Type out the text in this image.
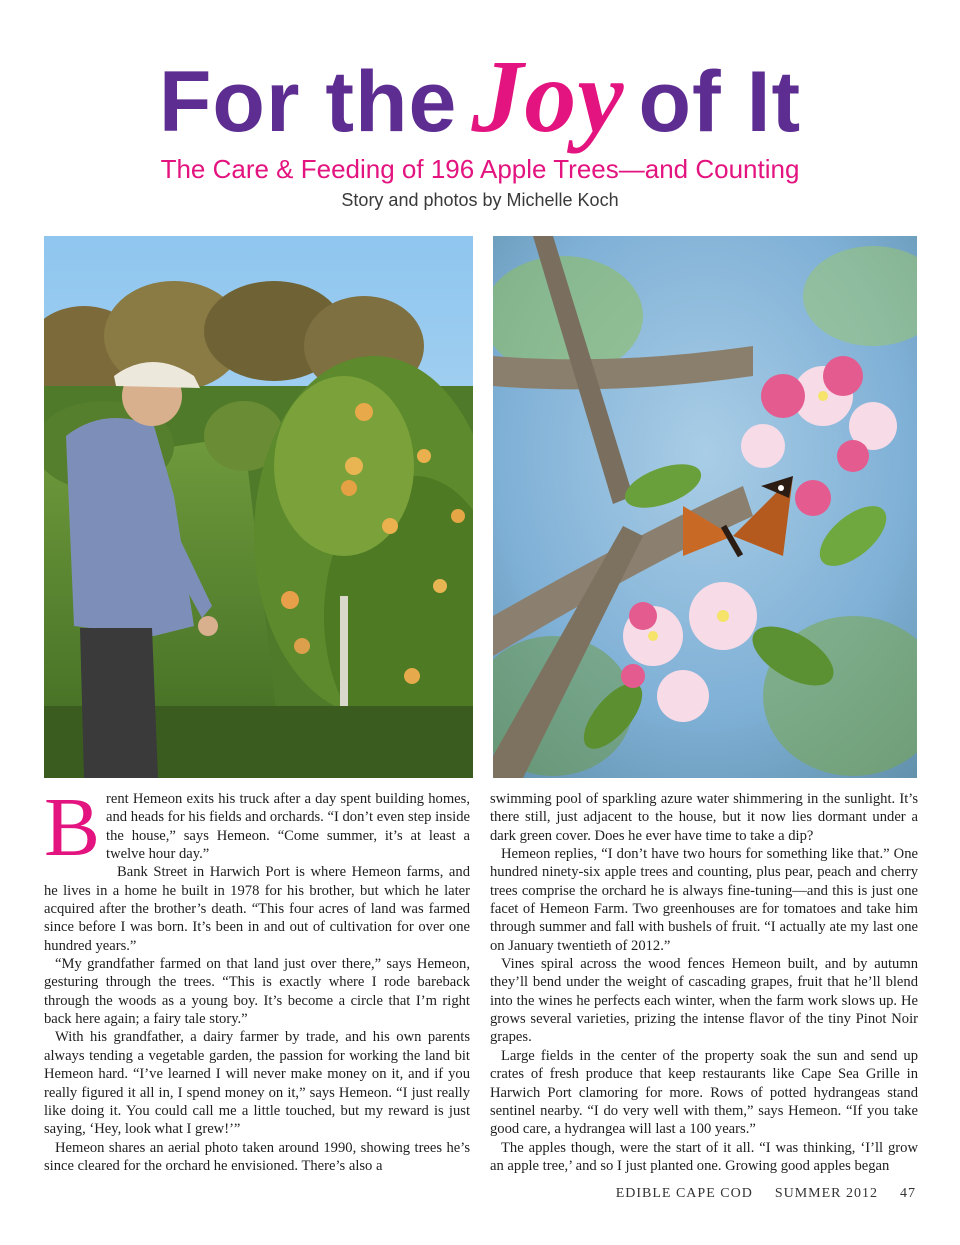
For the Joy of It
The Care & Feeding of 196 Apple Trees—and Counting
Story and photos by Michelle Koch

Brent Hemeon exits his truck after a day spent building homes, and heads for his fields and orchards. “I don’t even step inside the house,” says Hemeon. “Come summer, it’s at least a twelve hour day.”

Bank Street in Harwich Port is where Hemeon farms, and he lives in a home he built in 1978 for his brother, but which he later acquired after the brother’s death. “This four acres of land was farmed since before I was born. It’s been in and out of cultivation for over one hundred years.”

“My grandfather farmed on that land just over there,” says Hemeon, gesturing through the trees. “This is exactly where I rode bareback through the woods as a young boy. It’s become a circle that I’m right back here again; a fairy tale story.”

With his grandfather, a dairy farmer by trade, and his own parents always tending a vegetable garden, the passion for working the land bit Hemeon hard. “I’ve learned I will never make money on it, and if you really figured it all in, I spend money on it,” says Hemeon. “I just really like doing it. You could call me a little touched, but my reward is just saying, ‘Hey, look what I grew!’”

Hemeon shares an aerial photo taken around 1990, showing trees he’s since cleared for the orchard he envisioned. There’s also a

swimming pool of sparkling azure water shimmering in the sunlight. It’s there still, just adjacent to the house, but it now lies dormant under a dark green cover. Does he ever have time to take a dip?

Hemeon replies, “I don’t have two hours for something like that.” One hundred ninety-six apple trees and counting, plus pear, peach and cherry trees comprise the orchard he is always fine-tuning—and this is just one facet of Hemeon Farm. Two greenhouses are for tomatoes and take him through summer and fall with bushels of fruit. “I actually ate my last one on January twentieth of 2012.”

Vines spiral across the wood fences Hemeon built, and by autumn they’ll bend under the weight of cascading grapes, fruit that he’ll blend into the wines he perfects each winter, when the farm work slows up. He grows several varieties, prizing the intense flavor of the tiny Pinot Noir grapes.

Large fields in the center of the property soak the sun and send up crates of fresh produce that keep restaurants like Cape Sea Grille in Harwich Port clamoring for more. Rows of potted hydrangeas stand sentinel nearby. “I do very well with them,” says Hemeon. “If you take good care, a hydrangea will last a 100 years.”

The apples though, were the start of it all. “I was thinking, ‘I’ll grow an apple tree,’ and so I just planted one. Growing good apples began

EDIBLE CAPE COD SUMMER 2012 47
